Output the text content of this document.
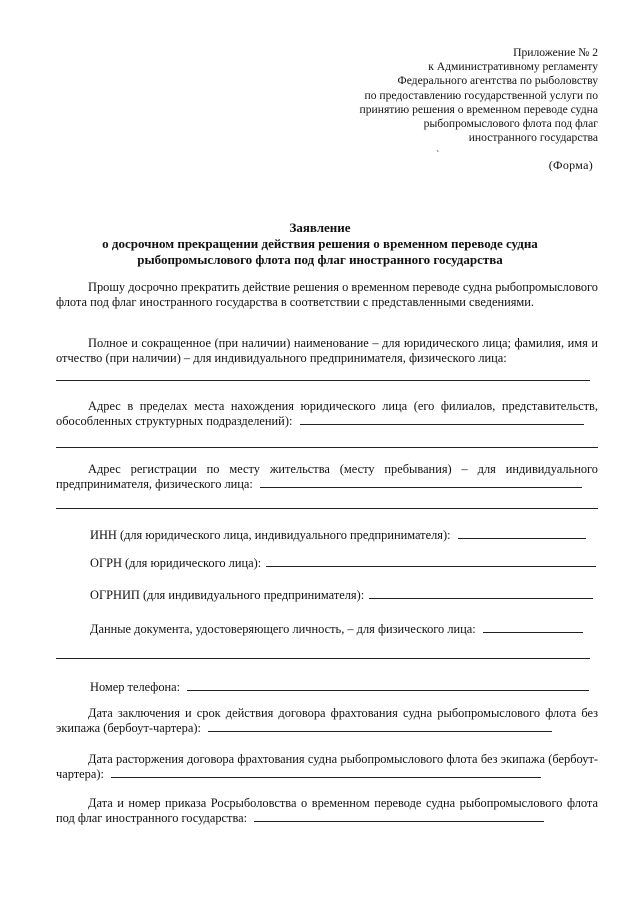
Приложение № 2
к Административному регламенту
Федерального агентства по рыболовству
по предоставлению государственной услуги по
принятию решения о временном переводе судна
рыбопромыслового флота под флаг
иностранного государства
`
(Форма)
Заявление
о досрочном прекращении действия решения о временном переводе судна
рыбопромыслового флота под флаг иностранного государства
Прошу досрочно прекратить действие решения о временном переводе судна рыбопромыслового флота под флаг иностранного государства в соответствии с представленными сведениями.
Полное и сокращенное (при наличии) наименование – для юридического лица; фамилия, имя и отчество (при наличии) – для индивидуального предпринимателя, физического лица:
Адрес в пределах места нахождения юридического лица (его филиалов, представительств, обособленных структурных подразделений):
Адрес регистрации по месту жительства (месту пребывания) – для индивидуального предпринимателя, физического лица:
ИНН (для юридического лица, индивидуального предпринимателя):
ОГРН (для юридического лица):
ОГРНИП (для индивидуального предпринимателя):
Данные документа, удостоверяющего личность, – для физического лица:
Номер телефона:
Дата заключения и срок действия договора фрахтования судна рыбопромыслового флота без экипажа (бербоут-чартера):
Дата расторжения договора фрахтования судна рыбопромыслового флота без экипажа (бербоут-чартера):
Дата и номер приказа Росрыболовства о временном переводе судна рыбопромыслового флота под флаг иностранного государства:
